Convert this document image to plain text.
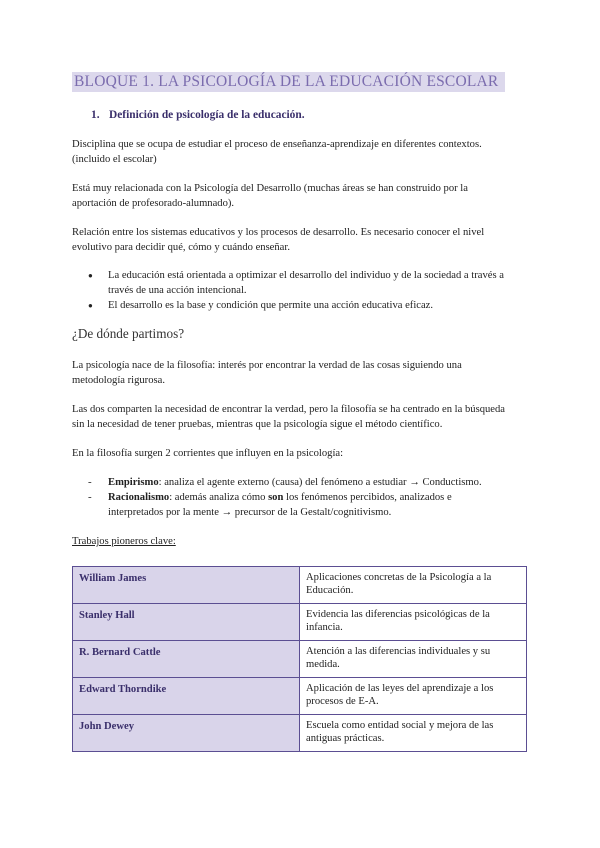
BLOQUE 1. LA PSICOLOGÍA DE LA EDUCACIÓN ESCOLAR
1. Definición de psicología de la educación.
Disciplina que se ocupa de estudiar el proceso de enseñanza-aprendizaje en diferentes contextos.
(incluido el escolar)
Está muy relacionada con la Psicología del Desarrollo (muchas áreas se han construido por la
aportación de profesorado-alumnado).
Relación entre los sistemas educativos y los procesos de desarrollo. Es necesario conocer el nivel
evolutivo para decidir qué, cómo y cuándo enseñar.
● La educación está orientada a optimizar el desarrollo del individuo y de la sociedad a través a
través de una acción intencional.
● El desarrollo es la base y condición que permite una acción educativa eficaz.
¿De dónde partimos?
La psicología nace de la filosofía: interés por encontrar la verdad de las cosas siguiendo una
metodología rigurosa.
Las dos comparten la necesidad de encontrar la verdad, pero la filosofía se ha centrado en la búsqueda
sin la necesidad de tener pruebas, mientras que la psicología sigue el método científico.
En la filosofía surgen 2 corrientes que influyen en la psicología:
- Empirismo: analiza el agente externo (causa) del fenómeno a estudiar → Conductismo.
- Racionalismo: además analiza cómo son los fenómenos percibidos, analizados e
interpretados por la mente → precursor de la Gestalt/cognitivismo.
Trabajos pioneros clave:
William James	Aplicaciones concretas de la Psicología a la Educación.
Stanley Hall	Evidencia las diferencias psicológicas de la infancia.
R. Bernard Cattle	Atención a las diferencias individuales y su medida.
Edward Thorndike	Aplicación de las leyes del aprendizaje a los procesos de E-A.
John Dewey	Escuela como entidad social y mejora de las antiguas prácticas.
